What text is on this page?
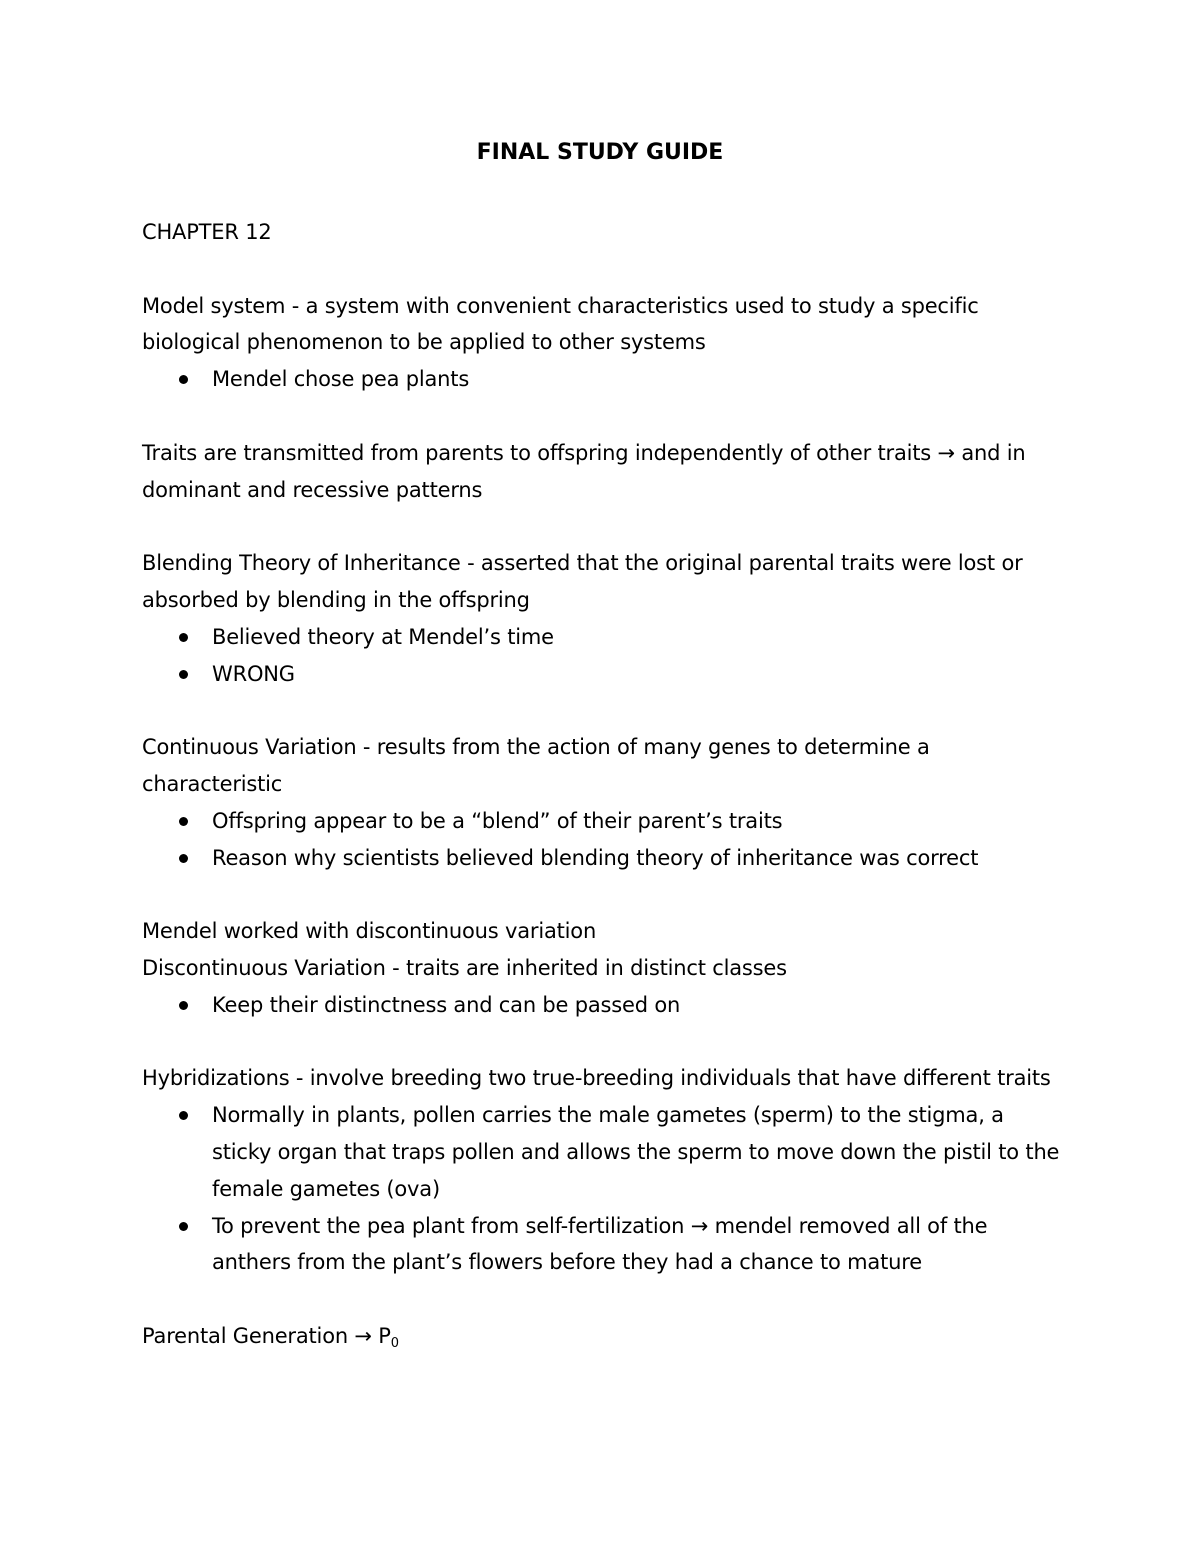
FINAL STUDY GUIDE

CHAPTER 12

Model system - a system with convenient characteristics used to study a specific biological phenomenon to be applied to other systems

Mendel chose pea plants

Traits are transmitted from parents to offspring independently of other traits → and in dominant and recessive patterns

Blending Theory of Inheritance - asserted that the original parental traits were lost or absorbed by blending in the offspring

Believed theory at Mendel’s time
WRONG

Continuous Variation - results from the action of many genes to determine a characteristic

Offspring appear to be a “blend” of their parent’s traits
Reason why scientists believed blending theory of inheritance was correct

Mendel worked with discontinuous variation

Discontinuous Variation - traits are inherited in distinct classes

Keep their distinctness and can be passed on

Hybridizations - involve breeding two true-breeding individuals that have different traits

Normally in plants, pollen carries the male gametes (sperm) to the stigma, a sticky organ that traps pollen and allows the sperm to move down the pistil to the female gametes (ova)
To prevent the pea plant from self-fertilization → mendel removed all of the anthers from the plant’s flowers before they had a chance to mature

Parental Generation → $P_0$
